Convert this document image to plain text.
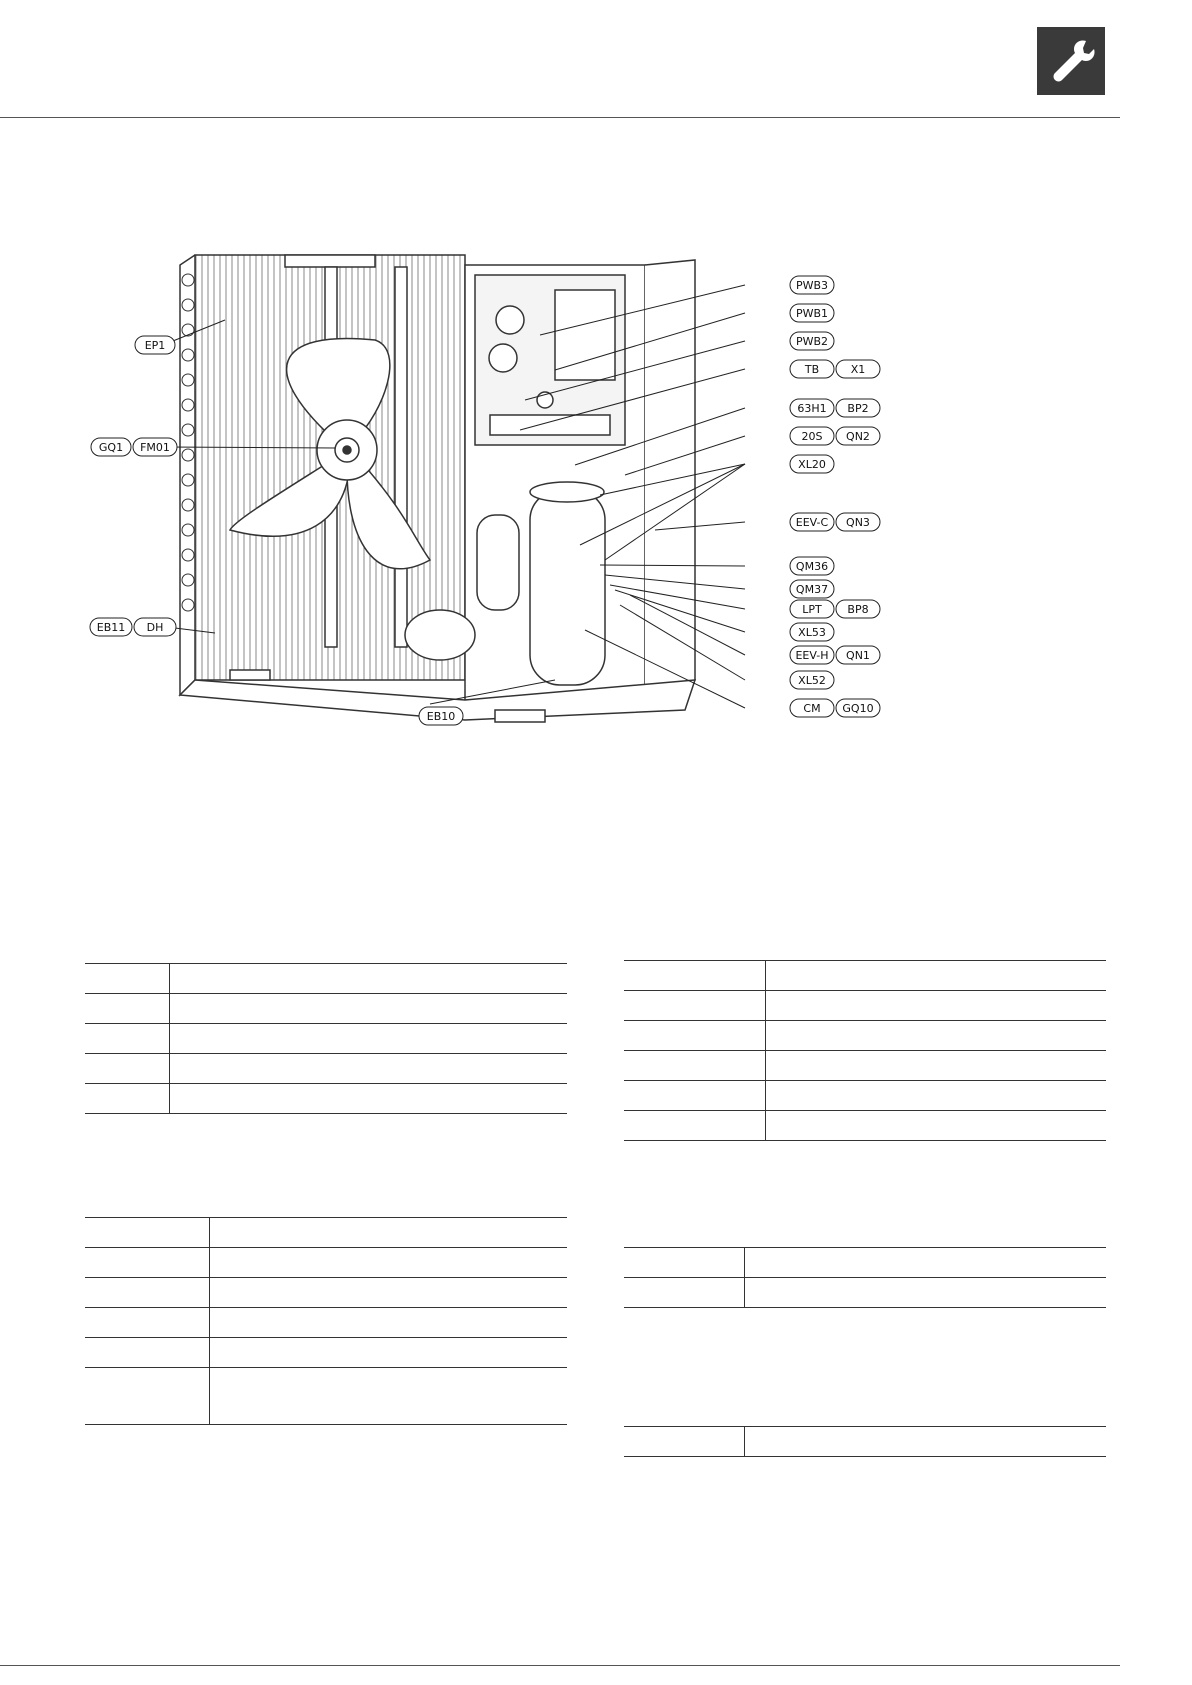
EP1
GQ1 FM01
EB11 DH
EB10
PWB3
PWB1
PWB2
TB	X1
63H1 BP2
20S QN2
XL20
EEV-C QN3
QM36
QM37
LPT BP8
XL53
EEV-H QN1
XL52
CM GQ10
